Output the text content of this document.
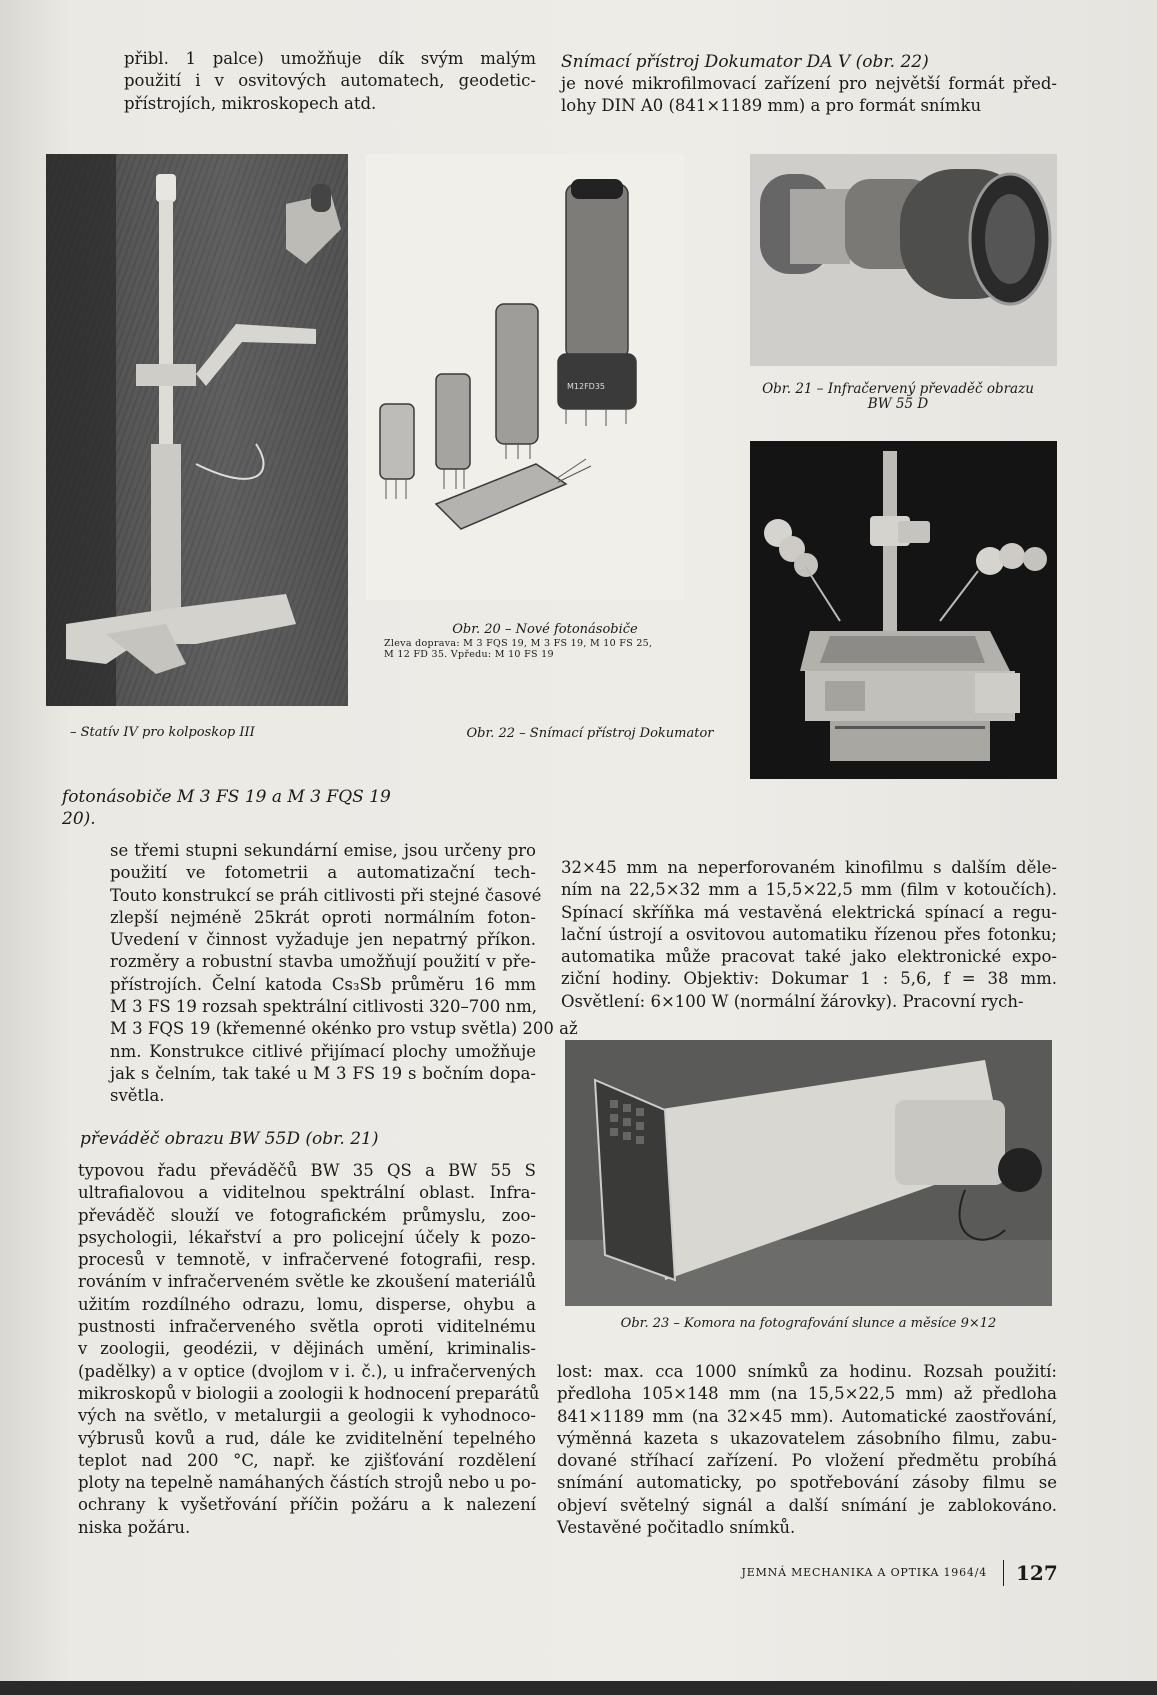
přibl. 1 palce) umožňuje dík svým malým
použití i v osvitových automatech, geodetic-
přístrojích, mikroskopech atd.
Snímací přístroj Dokumator DA V (obr. 22)
je nové mikrofilmovací zařízení pro největší formát před-
lohy DIN A0 (841×1189 mm) a pro formát snímku
– Statív IV pro kolposkop III
M12FD35
Obr. 20 – Nové fotonásobiče
Zleva doprava: M 3 FQS 19, M 3 FS 19, M 10 FS 25,
M 12 FD 35. Vpředu: M 10 FS 19
Obr. 21 – Infračervený převaděč obrazu
BW 55 D
Obr. 22 – Snímací přístroj Dokumator
fotonásobiče M 3 FS 19 a M 3 FQS 19
20).
se třemi stupni sekundární emise, jsou určeny pro
použití ve fotometrii a automatizační tech-
Touto konstrukcí se práh citlivosti při stejné časové
zlepší nejméně 25krát oproti normálním foton-
Uvedení v činnost vyžaduje jen nepatrný příkon.
rozměry a robustní stavba umožňují použití v pře-
přístrojích. Čelní katoda Cs₃Sb průměru 16 mm
M 3 FS 19 rozsah spektrální citlivosti 320–700 nm,
M 3 FQS 19 (křemenné okénko pro vstup světla) 200 až
nm. Konstrukce citlivé přijímací plochy umožňuje
jak s čelním, tak také u M 3 FS 19 s bočním dopa-
světla.
převáděč obrazu BW 55D (obr. 21)
typovou řadu převáděčů BW 35 QS a BW 55 S
ultrafialovou a viditelnou spektrální oblast. Infra-
převáděč slouží ve fotografickém průmyslu, zoo-
psychologii, lékařství a pro policejní účely k pozo-
procesů v temnotě, v infračervené fotografii, resp.
rováním v infračerveném světle ke zkoušení materiálů
užitím rozdílného odrazu, lomu, disperse, ohybu a
pustnosti infračerveného světla oproti viditelnému
v zoologii, geodézii, v dějinách umění, kriminalis-
(padělky) a v optice (dvojlom v i. č.), u infračervených
mikroskopů v biologii a zoologii k hodnocení preparátů
vých na světlo, v metalurgii a geologii k vyhodnoco-
výbrusů kovů a rud, dále ke zviditelnění tepelného
teplot nad 200 °C, např. ke zjišťování rozdělení
ploty na tepelně namáhaných částích strojů nebo u po-
ochrany k vyšetřování příčin požáru a k nalezení
niska požáru.
32×45 mm na neperforovaném kinofilmu s dalším děle-
ním na 22,5×32 mm a 15,5×22,5 mm (film v kotoučích).
Spínací skříňka má vestavěná elektrická spínací a regu-
lační ústrojí a osvitovou automatiku řízenou přes fotonku;
automatika může pracovat také jako elektronické expo-
ziční hodiny. Objektiv: Dokumar 1 : 5,6, f = 38 mm.
Osvětlení: 6×100 W (normální žárovky). Pracovní rych-
Obr. 23 – Komora na fotografování slunce a měsíce 9×12
lost: max. cca 1000 snímků za hodinu. Rozsah použití:
předloha 105×148 mm (na 15,5×22,5 mm) až předloha
841×1189 mm (na 32×45 mm). Automatické zaostřování,
výměnná kazeta s ukazovatelem zásobního filmu, zabu-
dované stříhací zařízení. Po vložení předmětu probíhá
snímání automaticky, po spotřebování zásoby filmu se
objeví světelný signál a další snímání je zablokováno.
Vestavěné počitadlo snímků.
JEMNÁ MECHANIKA A OPTIKA 1964/4 127
